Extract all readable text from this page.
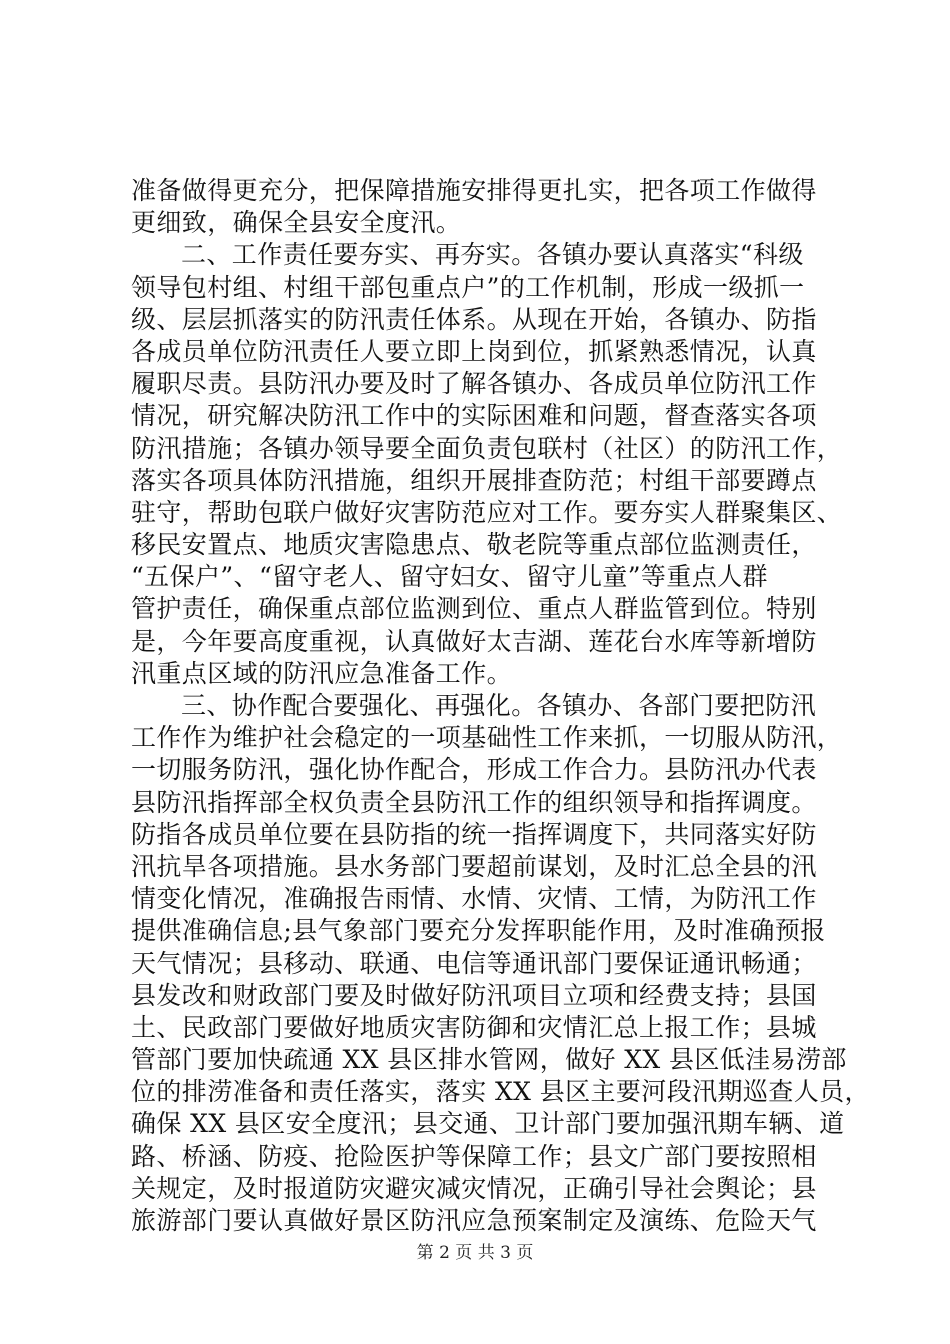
准备做得更充分，把保障措施安排得更扎实，把各项工作做得
更细致，确保全县安全度汛。
二、工作责任要夯实、再夯实。各镇办要认真落实“科级
领导包村组、村组干部包重点户”的工作机制，形成一级抓一
级、层层抓落实的防汛责任体系。从现在开始，各镇办、防指
各成员单位防汛责任人要立即上岗到位，抓紧熟悉情况，认真
履职尽责。县防汛办要及时了解各镇办、各成员单位防汛工作
情况，研究解决防汛工作中的实际困难和问题，督查落实各项
防汛措施；各镇办领导要全面负责包联村（社区）的防汛工作，
落实各项具体防汛措施，组织开展排查防范；村组干部要蹲点
驻守，帮助包联户做好灾害防范应对工作。要夯实人群聚集区、
移民安置点、地质灾害隐患点、敬老院等重点部位监测责任，
“五保户”、“留守老人、留守妇女、留守儿童”等重点人群
管护责任，确保重点部位监测到位、重点人群监管到位。特别
是，今年要高度重视，认真做好太吉湖、莲花台水库等新增防
汛重点区域的防汛应急准备工作。
三、协作配合要强化、再强化。各镇办、各部门要把防汛
工作作为维护社会稳定的一项基础性工作来抓，一切服从防汛，
一切服务防汛，强化协作配合，形成工作合力。县防汛办代表
县防汛指挥部全权负责全县防汛工作的组织领导和指挥调度。
防指各成员单位要在县防指的统一指挥调度下，共同落实好防
汛抗旱各项措施。县水务部门要超前谋划，及时汇总全县的汛
情变化情况，准确报告雨情、水情、灾情、工情，为防汛工作
提供准确信息;县气象部门要充分发挥职能作用，及时准确预报
天气情况；县移动、联通、电信等通讯部门要保证通讯畅通；
县发改和财政部门要及时做好防汛项目立项和经费支持；县国
土、民政部门要做好地质灾害防御和灾情汇总上报工作；县城
管部门要加快疏通 XX 县区排水管网，做好 XX 县区低洼易涝部
位的排涝准备和责任落实，落实 XX 县区主要河段汛期巡查人员，
确保 XX 县区安全度汛；县交通、卫计部门要加强汛期车辆、道
路、桥涵、防疫、抢险医护等保障工作；县文广部门要按照相
关规定，及时报道防灾避灾减灾情况，正确引导社会舆论；县
旅游部门要认真做好景区防汛应急预案制定及演练、危险天气
第 2 页 共 3 页
